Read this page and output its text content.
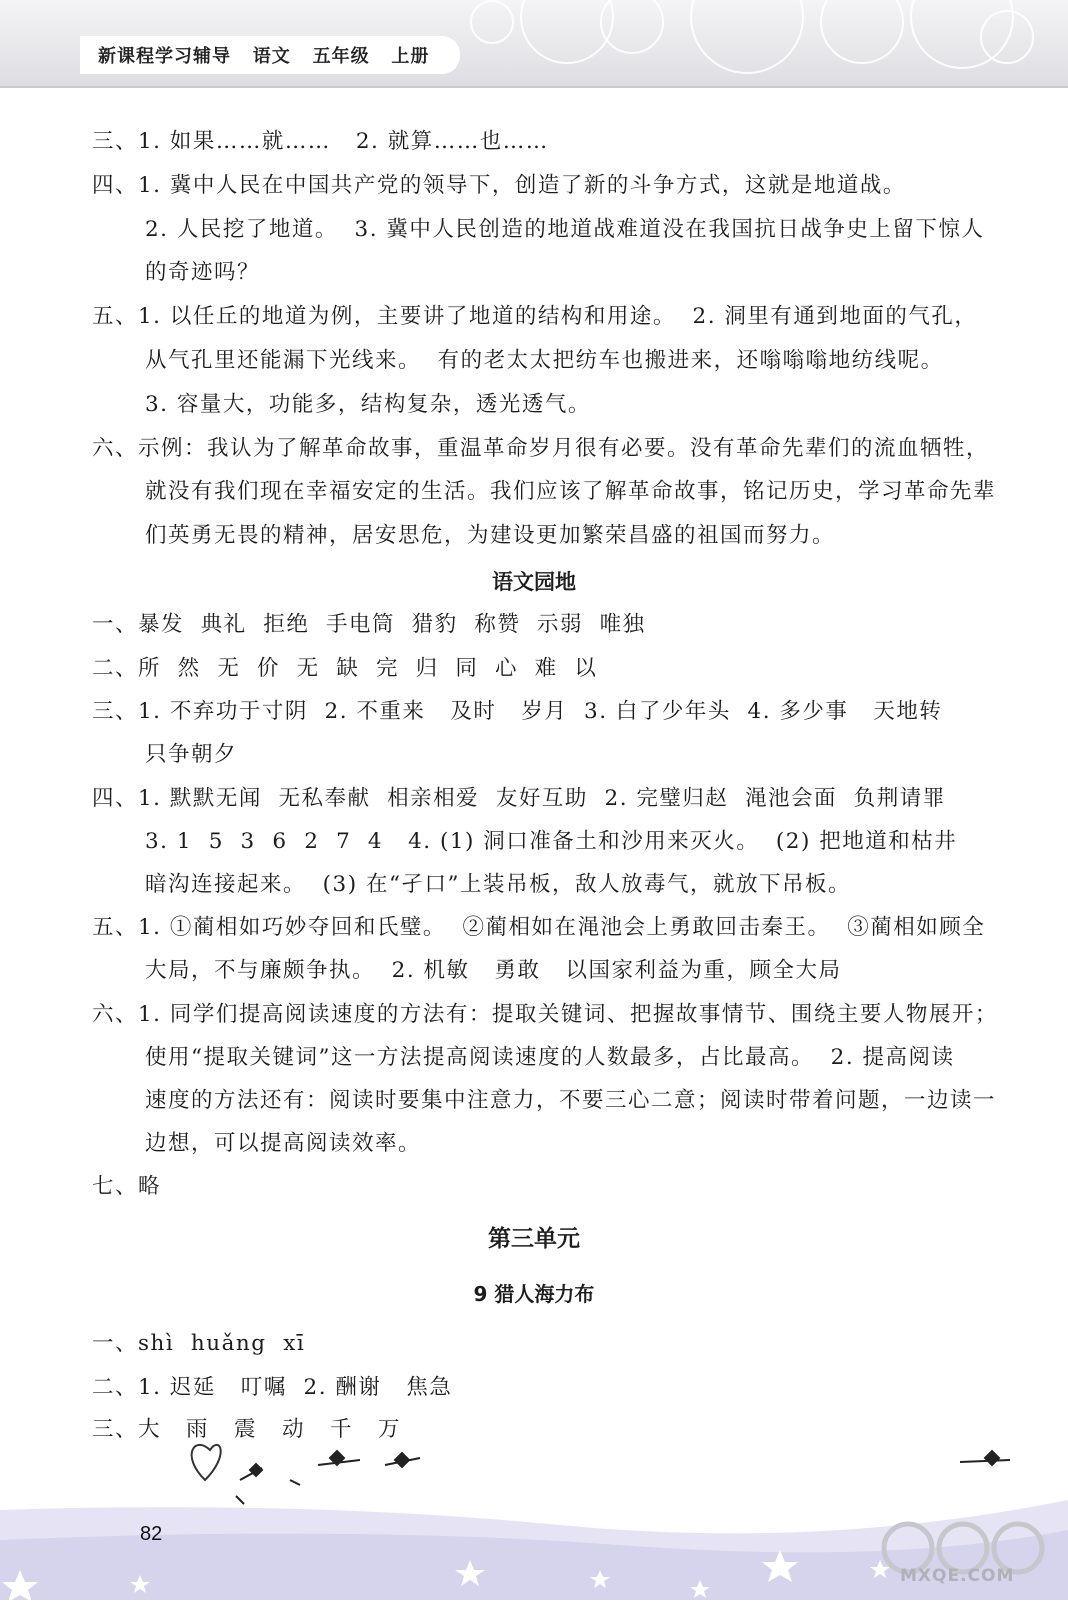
新课程学习辅导   语文   五年级   上册
三、1. 如果……就……   2. 就算……也……
四、1. 冀中人民在中国共产党的领导下，创造了新的斗争方式，这就是地道战。
2. 人民挖了地道。  3. 冀中人民创造的地道战难道没在我国抗日战争史上留下惊人
的奇迹吗？
五、1. 以任丘的地道为例，主要讲了地道的结构和用途。  2. 洞里有通到地面的气孔，
从气孔里还能漏下光线来。  有的老太太把纺车也搬进来，还嗡嗡嗡地纺线呢。
3. 容量大，功能多，结构复杂，透光透气。
六、示例：我认为了解革命故事，重温革命岁月很有必要。没有革命先辈们的流血牺牲，
就没有我们现在幸福安定的生活。我们应该了解革命故事，铭记历史，学习革命先辈
们英勇无畏的精神，居安思危，为建设更加繁荣昌盛的祖国而努力。
语文园地
一、暴发  典礼  拒绝  手电筒  猎豹  称赞  示弱  唯独
二、所  然  无  价  无  缺  完  归  同  心  难  以
三、1. 不弃功于寸阴  2. 不重来   及时   岁月  3. 白了少年头  4. 多少事   天地转
只争朝夕
四、1. 默默无闻  无私奉献  相亲相爱  友好互助  2. 完璧归赵  渑池会面  负荆请罪
3. 1  5  3  6  2  7  4   4. (1) 洞口准备土和沙用来灭火。  (2) 把地道和枯井
暗沟连接起来。  (3) 在“孑口”上装吊板，敌人放毒气，就放下吊板。
五、1. ①蔺相如巧妙夺回和氏璧。  ②蔺相如在渑池会上勇敢回击秦王。  ③蔺相如顾全
大局，不与廉颇争执。  2. 机敏   勇敢   以国家利益为重，顾全大局
六、1. 同学们提高阅读速度的方法有：提取关键词、把握故事情节、围绕主要人物展开；
使用“提取关键词”这一方法提高阅读速度的人数最多，占比最高。  2. 提高阅读
速度的方法还有：阅读时要集中注意力，不要三心二意；阅读时带着问题，一边读一
边想，可以提高阅读效率。
七、略
第三单元
9 猎人海力布
一、shì  huǎng  xī
二、1. 迟延   叮嘱  2. 酬谢   焦急
三、大   雨   震   动   千   万
82
MXQE.COM
